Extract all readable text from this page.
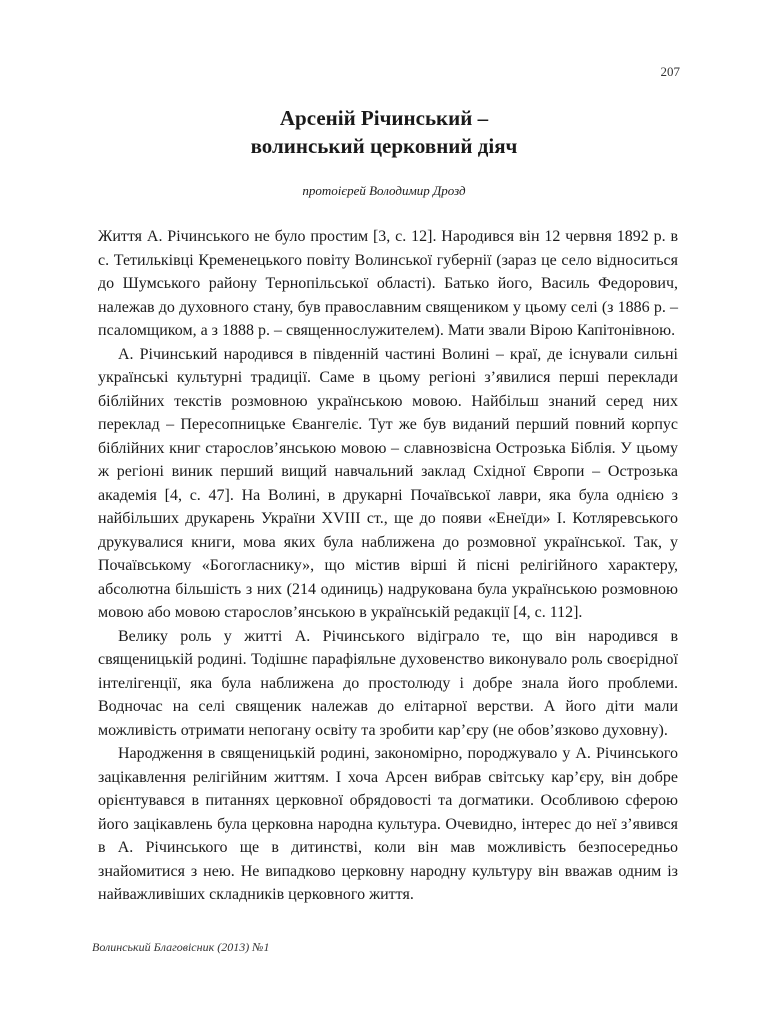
207
Арсеній Річинський –
волинський церковний діяч
протоієрей Володимир Дрозд

Життя А. Річинського не було простим [3, с. 12]. Народився він 12 червня 1892 р. в с. Тетильківці Кременецького повіту Волинської губернії (зараз це село відноситься до Шумського району Тернопільської області). Батько його, Василь Федорович, належав до духовного стану, був православним священиком у цьому селі (з 1886 р. – псаломщиком, а з 1888 р. – священнослужителем). Мати звали Вірою Капітонівною.

А. Річинський народився в південній частині Волині – краї, де існували сильні українські культурні традиції. Саме в цьому регіоні з’явилися перші переклади біблійних текстів розмовною українською мовою. Найбільш знаний серед них переклад – Пересопницьке Євангеліє. Тут же був виданий перший повний корпус біблійних книг старослов’янською мовою – славнозвісна Острозька Біблія. У цьому ж регіоні виник перший вищий навчальний заклад Східної Європи – Острозька академія [4, с. 47]. На Волині, в друкарні Почаївської лаври, яка була однією з найбільших друкарень України XVIII ст., ще до появи «Енеїди» І. Котляревського друкувалися книги, мова яких була наближена до розмовної української. Так, у Почаївському «Богогласнику», що містив вірші й пісні релігійного характеру, абсолютна більшість з них (214 одиниць) надрукована була українською розмовною мовою або мовою старослов’янською в українській редакції [4, с. 112].

Велику роль у житті А. Річинського відіграло те, що він народився в священицькій родині. Тодішнє парафіяльне духовенство виконувало роль своєрідної інтелігенції, яка була наближена до простолюду і добре знала його проблеми. Водночас на селі священик належав до елітарної верстви. А його діти мали можливість отримати непогану освіту та зробити кар’єру (не обов’язково духовну).

Народження в священицькій родині, закономірно, породжувало у А. Річинського зацікавлення релігійним життям. І хоча Арсен вибрав світську кар’єру, він добре орієнтувався в питаннях церковної обрядовості та догматики. Особливою сферою його зацікавлень була церковна народна культура. Очевидно, інтерес до неї з’явився в А. Річинського ще в дитинстві, коли він мав можливість безпосередньо знайомитися з нею. Не випадково церковну народну культуру він вважав одним із найважливіших складників церковного життя.

Волинський Благовісник (2013) №1
